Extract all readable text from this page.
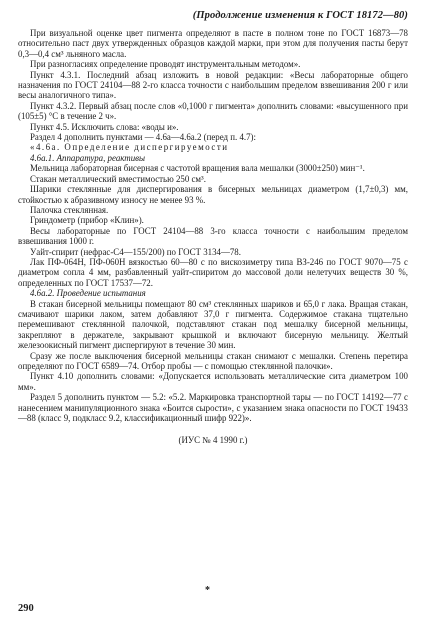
(Продолжение изменения к ГОСТ 18172—80)

При визуальной оценке цвет пигмента определяют в пасте в полном тоне по ГОСТ 16873—78 относительно паст двух утвержденных образцов каждой марки, при этом для получения пасты берут 0,3—0,4 см³ льняного масла.

При разногласиях определение проводят инструментальным методом».

Пункт 4.3.1. Последний абзац изложить в новой редакции: «Весы лабораторные общего назначения по ГОСТ 24104—88 2-го класса точности с наибольшим пределом взвешивания 200 г или весы аналогичного типа».

Пункт 4.3.2. Первый абзац после слов «0,1000 г пигмента» дополнить словами: «высушенного при (105±5) °С в течение 2 ч».

Пункт 4.5. Исключить слова: «воды и».

Раздел 4 дополнить пунктами — 4.6а—4.6а.2 (перед п. 4.7):

«4.6а. Определение диспергируемости

4.6а.1. Аппаратура, реактивы

Мельница лабораторная бисерная с частотой вращения вала мешалки (3000±250) мин⁻¹.

Стакан металлический вместимостью 250 см³.

Шарики стеклянные для диспергирования в бисерных мельницах диаметром (1,7±0,3) мм, стойкостью к абразивному износу не менее 93 %.

Палочка стеклянная.

Гриндометр (прибор «Клин»).

Весы лабораторные по ГОСТ 24104—88 3-го класса точности с наибольшим пределом взвешивания 1000 г.

Уайт-спирит (нефрас-С4—155/200) по ГОСТ 3134—78.

Лак ПФ-064Н, ПФ-060Н вязкостью 60—80 с по вискозиметру типа ВЗ-246 по ГОСТ 9070—75 с диаметром сопла 4 мм, разбавленный уайт-спиритом до массовой доли нелетучих веществ 30 %, определенных по ГОСТ 17537—72.

4.6а.2. Проведение испытания

В стакан бисерной мельницы помещают 80 см³ стеклянных шариков и 65,0 г лака. Вращая стакан, смачивают шарики лаком, затем добавляют 37,0 г пигмента. Содержимое стакана тщательно перемешивают стеклянной палочкой, подставляют стакан под мешалку бисерной мельницы, закрепляют в держателе, закрывают крышкой и включают бисерную мельницу. Желтый железоокисный пигмент диспергируют в течение 30 мин.

Сразу же после выключения бисерной мельницы стакан снимают с мешалки. Степень перетира определяют по ГОСТ 6589—74. Отбор пробы — с помощью стеклянной палочки».

Пункт 4.10 дополнить словами: «Допускается использовать металлические сита диаметром 100 мм».

Раздел 5 дополнить пунктом — 5.2: «5.2. Маркировка транспортной тары — по ГОСТ 14192—77 с нанесением манипуляционного знака «Боится сырости», с указанием знака опасности по ГОСТ 19433—88 (класс 9, подкласс 9.2, классификационный шифр 922)».

(ИУС № 4 1990 г.)

*
290
